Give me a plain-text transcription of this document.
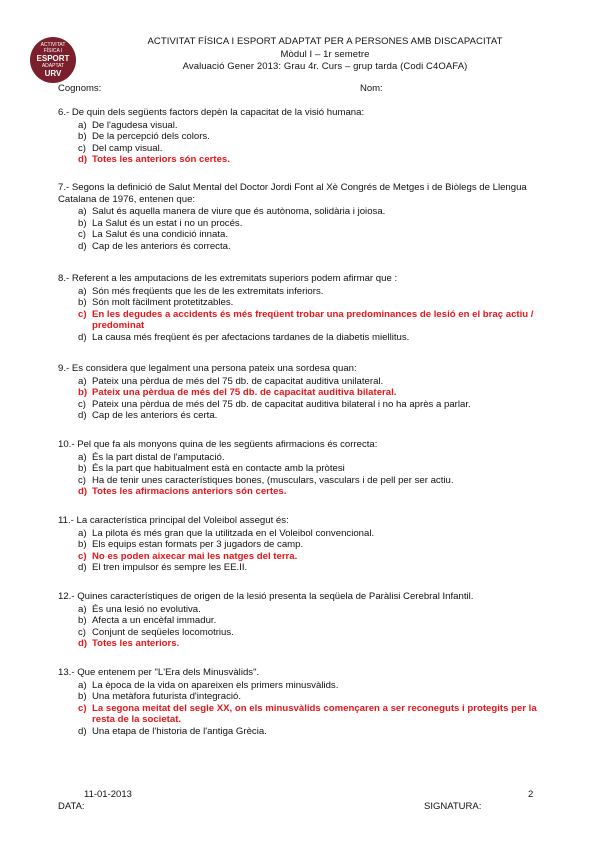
ACTIVITAT
FÍSICA I
ESPORT
ADAPTAT
URV
ACTIVITAT FÍSICA I ESPORT ADAPTAT PER A PERSONES AMB DISCAPACITAT
Mòdul I – 1r semetre
Avaluació Gener 2013: Grau 4r. Curs – grup tarda (Codi C4OAFA)
Cognoms:	Nom:
6.- De quin dels següents factors depèn la capacitat de la visió humana:
a) De l'agudesa visual.
b) De la percepció dels colors.
c) Del camp visual.
d) Totes les anteriors són certes.
7.- Segons la definició de Salut Mental del Doctor Jordi Font al Xè Congrés de Metges i de Biòlegs de Llengua Catalana de 1976, entenen que:
a) Salut és aquella manera de viure que és autònoma, solidària i joiosa.
b) La Salut és un estat i no un procés.
c) La Salut és una condició innata.
d) Cap de les anteriors és correcta.
8.- Referent a les amputacions de les extremitats superiors podem afirmar que :
a) Són més freqüents que les de les extremitats inferiors.
b) Són molt fàcilment protetitzables.
c) En les degudes a accidents és més freqüent trobar una predominances de lesió en el braç actiu / predominat
d) La causa més freqüent és per afectacions tardanes de la diabetis miellitus.
9.- Es considera que legalment una persona pateix una sordesa quan:
a) Pateix una pèrdua de més del 75 db. de capacitat auditiva unilateral.
b) Pateix una pèrdua de més del 75 db. de capacitat auditiva bilateral.
c) Pateix una pèrdua de més del 75 db. de capacitat auditiva bilateral i no ha après a parlar.
d) Cap de les anteriors és certa.
10.- Pel que fa als monyons quina de les següents afirmacions és correcta:
a) És la part distal de l'amputació.
b) És la part que habitualment està en contacte amb la pròtesi
c) Ha de tenir unes característiques bones, (musculars, vasculars i de pell per ser actiu.
d) Totes les afirmacions anteriors són certes.
11.- La característica principal del Voleibol assegut és:
a) La pilota és més gran que la utilitzada en el Voleibol convencional.
b) Els equips estan formats per 3 jugadors de camp.
c) No es poden aixecar mai les natges del terra.
d) El tren impulsor és sempre les EE.II.
12.- Quines característiques de origen de la lesió presenta la seqüela de Paràlisi Cerebral Infantil.
a) És una lesió no evolutiva.
b) Afecta a un encèfal immadur.
c) Conjunt de seqüeles locomotrius.
d) Totes les anteriors.
13.- Que entenem per "L'Era dels Minusvàlids".
a) La època de la vida on apareixen els primers minusvàlids.
b) Una metàfora futurista d'integració.
c) La segona meitat del segle XX, on els minusvàlids començaren a ser reconeguts i protegits per la resta de la societat.
d) Una etapa de l'historia de l'antiga Grècia.
11-01-2013	2
DATA:	SIGNATURA:
